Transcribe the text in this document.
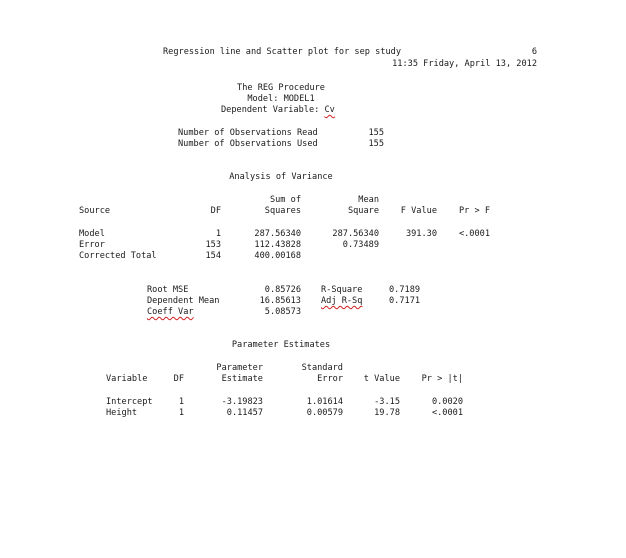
Regression line and Scatter plot for sep study	6
11:35 Friday, April 13, 2012
The REG Procedure
Model: MODEL1
Dependent Variable: Cv
Number of Observations Read	155
Number of Observations Used	155
Analysis of Variance
Sum of	Mean
Source	DF	Squares	Square	F Value	Pr > F
Model	1	287.56340	287.56340	391.30	<.0001
Error	153	112.43828	0.73489
Corrected Total	154	400.00168
Root MSE	0.85726 R-Square	0.7189
Dependent Mean	16.85613 Adj R-Sq	0.7171
Coeff Var	5.08573
Parameter Estimates
Parameter	Standard
Variable	DF	Estimate	Error	t Value	Pr > |t|
Intercept	1	-3.19823	1.01614	-3.15	0.0020
Height	1	0.11457	0.00579	19.78	<.0001
